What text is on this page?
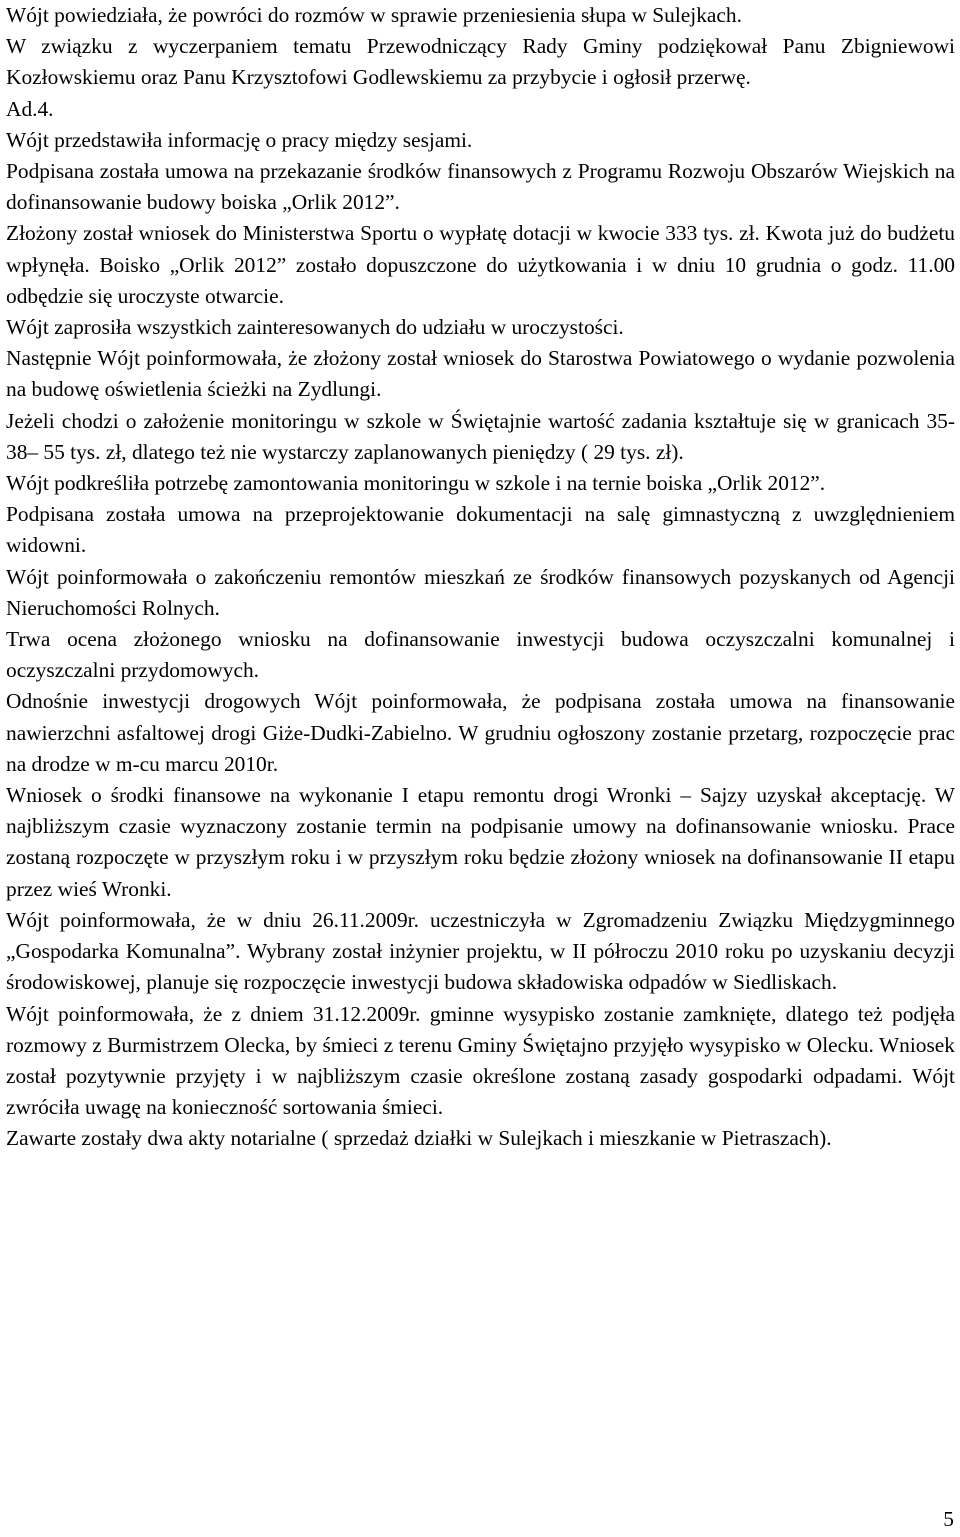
Wójt powiedziała, że powróci do rozmów w sprawie przeniesienia słupa w Sulejkach.

W związku z wyczerpaniem tematu Przewodniczący Rady Gminy podziękował Panu Zbigniewowi Kozłowskiemu oraz Panu Krzysztofowi Godlewskiemu za przybycie i ogłosił przerwę.

Ad.4.

Wójt przedstawiła informację o pracy między sesjami.

Podpisana została umowa na przekazanie środków finansowych z Programu Rozwoju Obszarów Wiejskich na dofinansowanie budowy boiska „Orlik 2012”.

Złożony został wniosek do Ministerstwa Sportu o wypłatę dotacji w kwocie 333 tys. zł. Kwota już do budżetu wpłynęła. Boisko „Orlik 2012” zostało dopuszczone do użytkowania i w dniu 10 grudnia o godz. 11.00 odbędzie się uroczyste otwarcie.

Wójt zaprosiła wszystkich zainteresowanych do udziału w uroczystości.

Następnie Wójt poinformowała, że złożony został wniosek do Starostwa Powiatowego o wydanie pozwolenia na budowę oświetlenia ścieżki na Zydlungi.

Jeżeli chodzi o założenie monitoringu w szkole w Świętajnie wartość zadania kształtuje się w granicach 35- 38– 55 tys. zł, dlatego też nie wystarczy zaplanowanych pieniędzy ( 29 tys. zł).

Wójt podkreśliła potrzebę zamontowania monitoringu w szkole i na ternie boiska „Orlik 2012”.

Podpisana została umowa na przeprojektowanie dokumentacji na salę gimnastyczną z uwzględnieniem widowni.

Wójt poinformowała o zakończeniu remontów mieszkań ze środków finansowych pozyskanych od Agencji Nieruchomości Rolnych.

Trwa ocena złożonego wniosku na dofinansowanie inwestycji budowa oczyszczalni komunalnej i oczyszczalni przydomowych.

Odnośnie inwestycji drogowych Wójt poinformowała, że podpisana została umowa na finansowanie nawierzchni asfaltowej drogi Giże-Dudki-Zabielno. W grudniu ogłoszony zostanie przetarg, rozpoczęcie prac na drodze w m-cu marcu 2010r.

Wniosek o środki finansowe na wykonanie I etapu remontu drogi Wronki – Sajzy uzyskał akceptację. W najbliższym czasie wyznaczony zostanie termin na podpisanie umowy na dofinansowanie wniosku. Prace zostaną rozpoczęte w przyszłym roku i w przyszłym roku będzie złożony wniosek na dofinansowanie II etapu przez wieś Wronki.

Wójt poinformowała, że w dniu 26.11.2009r. uczestniczyła w Zgromadzeniu Związku Międzygminnego „Gospodarka Komunalna”. Wybrany został inżynier projektu, w II półroczu 2010 roku po uzyskaniu decyzji środowiskowej, planuje się rozpoczęcie inwestycji budowa składowiska odpadów w Siedliskach.

Wójt poinformowała, że z dniem 31.12.2009r. gminne wysypisko zostanie zamknięte, dlatego też podjęła rozmowy z Burmistrzem Olecka, by śmieci z terenu Gminy Świętajno przyjęło wysypisko w Olecku. Wniosek został pozytywnie przyjęty i w najbliższym czasie określone zostaną zasady gospodarki odpadami. Wójt zwróciła uwagę na konieczność sortowania śmieci.

Zawarte zostały dwa akty notarialne ( sprzedaż działki w Sulejkach i mieszkanie w Pietraszach).

5
